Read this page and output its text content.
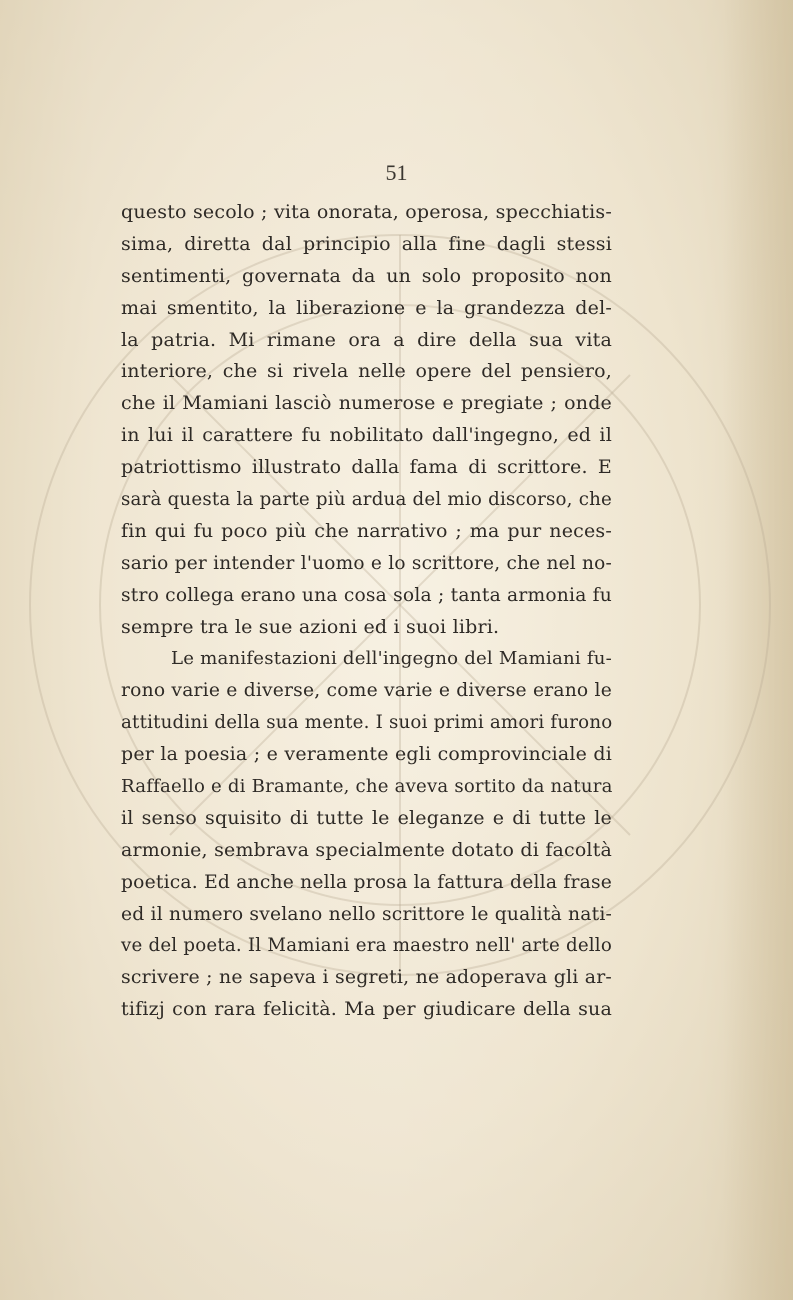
51
questo secolo ; vita onorata, operosa, specchiatis-
sima, diretta dal principio alla fine dagli stessi
sentimenti, governata da un solo proposito non
mai smentito, la liberazione e la grandezza del-
la patria. Mi rimane ora a dire della sua vita
interiore, che si rivela nelle opere del pensiero,
che il Mamiani lasciò numerose e pregiate ; onde
in lui il carattere fu nobilitato dall'ingegno, ed il
patriottismo illustrato dalla fama di scrittore. E
sarà questa la parte più ardua del mio discorso, che
fin qui fu poco più che narrativo ; ma pur neces-
sario per intender l'uomo e lo scrittore, che nel no-
stro collega erano una cosa sola ; tanta armonia fu
sempre tra le sue azioni ed i suoi libri.
Le manifestazioni dell'ingegno del Mamiani fu-
rono varie e diverse, come varie e diverse erano le
attitudini della sua mente. I suoi primi amori furono
per la poesia ; e veramente egli comprovinciale di
Raffaello e di Bramante, che aveva sortito da natura
il senso squisito di tutte le eleganze e di tutte le
armonie, sembrava specialmente dotato di facoltà
poetica. Ed anche nella prosa la fattura della frase
ed il numero svelano nello scrittore le qualità nati-
ve del poeta. Il Mamiani era maestro nell' arte dello
scrivere ; ne sapeva i segreti, ne adoperava gli ar-
tifizj con rara felicità. Ma per giudicare della sua
